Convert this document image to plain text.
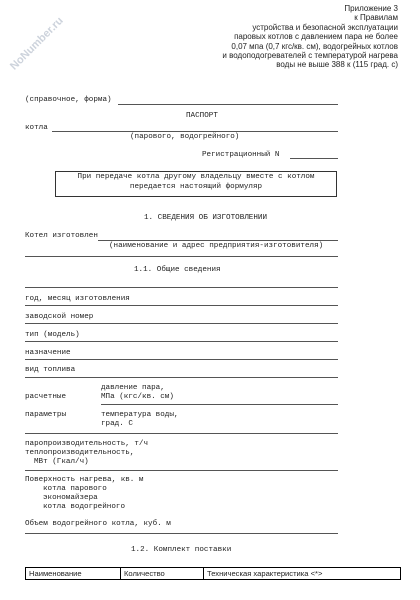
NoNumber.ru
Приложение 3
к Правилам
устройства и безопасной эксплуатации
паровых котлов с давлением пара не более
0,07 мпа (0,7 кгс/кв. см), водогрейных котлов
и водоподогревателей с температурой нагрева
воды не выше 388 к (115 град. с)
(справочное, форма)
ПАСПОРТ
котла
(парового, водогрейного)
Регистрационный N
При передаче котла другому владельцу вместе с котлом
передается настоящий формуляр
1. СВЕДЕНИЯ ОБ ИЗГОТОВЛЕНИИ
Котел изготовлен
(наименование и адрес предприятия-изготовителя)
1.1. Общие сведения
год, месяц изготовления
заводской номер
тип (модель)
назначение
вид топлива
давление пара,
расчетные	МПа (кгс/кв. см)
параметры	температура воды,
град. С
паропроизводительность, т/ч
теплопроизводительность,
МВт (Гкал/ч)
Поверхность нагрева, кв. м
котла парового
экономайзера
котла водогрейного
Объем водогрейного котла, куб. м
1.2. Комплект поставки
Наименование	Количество	Техническая характеристика <*>
